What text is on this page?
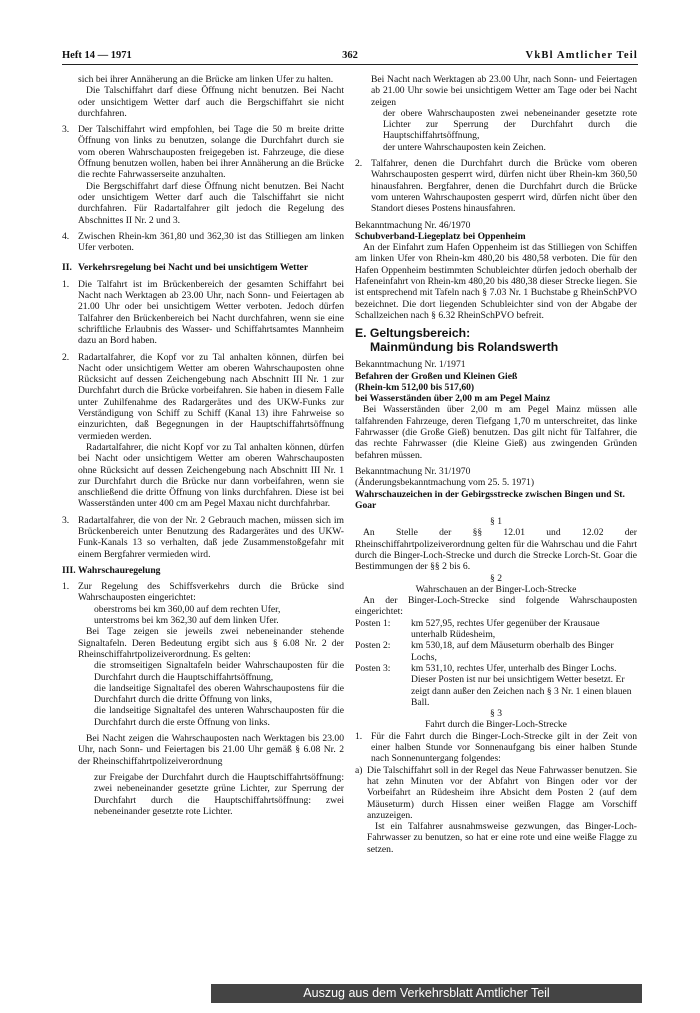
Heft 14 — 1971	362	VkBl Amtlicher Teil

sich bei ihrer Annäherung an die Brücke am linken Ufer zu halten.

Die Talschiffahrt darf diese Öffnung nicht benutzen. Bei Nacht oder unsichtigem Wetter darf auch die Bergschiffahrt sie nicht durchfahren.

3. Der Talschiffahrt wird empfohlen, bei Tage die 50 m breite dritte Öffnung von links zu benutzen, solange die Durchfahrt durch sie vom oberen Wahrschauposten freigegeben ist. Fahrzeuge, die diese Öffnung benutzen wollen, haben bei ihrer Annäherung an die Brücke die rechte Fahrwasserseite anzuhalten.

Die Bergschiffahrt darf diese Öffnung nicht benutzen. Bei Nacht oder unsichtigem Wetter darf auch die Talschiffahrt sie nicht durchfahren. Für Radartalfahrer gilt jedoch die Regelung des Abschnittes II Nr. 2 und 3.

4. Zwischen Rhein-km 361,80 und 362,30 ist das Stilliegen am linken Ufer verboten.

II. Verkehrsregelung bei Nacht und bei unsichtigem Wetter

1. Die Talfahrt ist im Brückenbereich der gesamten Schiffahrt bei Nacht nach Werktagen ab 23.00 Uhr, nach Sonn- und Feiertagen ab 21.00 Uhr oder bei unsichtigem Wetter verboten. Jedoch dürfen Talfahrer den Brückenbereich bei Nacht durchfahren, wenn sie eine schriftliche Erlaubnis des Wasser- und Schiffahrtsamtes Mannheim dazu an Bord haben.

2. Radartalfahrer, die Kopf vor zu Tal anhalten können, dürfen bei Nacht oder unsichtigem Wetter am oberen Wahrschauposten ohne Rücksicht auf dessen Zeichengebung nach Abschnitt III Nr. 1 zur Durchfahrt durch die Brücke vorbeifahren. Sie haben in diesem Falle unter Zuhilfenahme des Radargerätes und des UKW-Funks zur Verständigung von Schiff zu Schiff (Kanal 13) ihre Fahrweise so einzurichten, daß Begegnungen in der Hauptschiffahrtsöffnung vermieden werden.

Radartalfahrer, die nicht Kopf vor zu Tal anhalten können, dürfen bei Nacht oder unsichtigem Wetter am oberen Wahrschauposten ohne Rücksicht auf dessen Zeichengebung nach Abschnitt III Nr. 1 zur Durchfahrt durch die Brücke nur dann vorbeifahren, wenn sie anschließend die dritte Öffnung von links durchfahren. Diese ist bei Wasserständen unter 400 cm am Pegel Maxau nicht durchfahrbar.

3. Radartalfahrer, die von der Nr. 2 Gebrauch machen, müssen sich im Brückenbereich unter Benutzung des Radargerätes und des UKW-Funk-Kanals 13 so verhalten, daß jede Zusammenstoßgefahr mit einem Bergfahrer vermieden wird.

III. Wahrschauregelung

1. Zur Regelung des Schiffsverkehrs durch die Brücke sind Wahrschauposten eingerichtet:

oberstroms bei km 360,00 auf dem rechten Ufer,

unterstroms bei km 362,30 auf dem linken Ufer.

Bei Tage zeigen sie jeweils zwei nebeneinander stehende Signaltafeln. Deren Bedeutung ergibt sich aus § 6.08 Nr. 2 der Rheinschiffahrtpolizeiverordnung. Es gelten:

die stromseitigen Signaltafeln beider Wahrschauposten für die Durchfahrt durch die Hauptschiffahrtsöffnung,

die landseitige Signaltafel des oberen Wahrschaupostens für die Durchfahrt durch die dritte Öffnung von links,

die landseitige Signaltafel des unteren Wahrschauposten für die Durchfahrt durch die erste Öffnung von links.

Bei Nacht zeigen die Wahrschauposten nach Werktagen bis 23.00 Uhr, nach Sonn- und Feiertagen bis 21.00 Uhr gemäß § 6.08 Nr. 2 der Rheinschiffahrtpolizeiverordnung

zur Freigabe der Durchfahrt durch die Hauptschiffahrtsöffnung: zwei nebeneinander gesetzte grüne Lichter, zur Sperrung der Durchfahrt durch die Hauptschiffahrtsöffnung: zwei nebeneinander gesetzte rote Lichter.

Bei Nacht nach Werktagen ab 23.00 Uhr, nach Sonn- und Feiertagen ab 21.00 Uhr sowie bei unsichtigem Wetter am Tage oder bei Nacht zeigen

der obere Wahrschauposten zwei nebeneinander gesetzte rote Lichter zur Sperrung der Durchfahrt durch die Hauptschiffahrtsöffnung,

der untere Wahrschauposten kein Zeichen.

2. Talfahrer, denen die Durchfahrt durch die Brücke vom oberen Wahrschauposten gesperrt wird, dürfen nicht über Rhein-km 360,50 hinausfahren. Bergfahrer, denen die Durchfahrt durch die Brücke vom unteren Wahrschauposten gesperrt wird, dürfen nicht über den Standort dieses Postens hinausfahren.

Bekanntmachung Nr. 46/1970

Schubverband-Liegeplatz bei Oppenheim

An der Einfahrt zum Hafen Oppenheim ist das Stilliegen von Schiffen am linken Ufer von Rhein-km 480,20 bis 480,58 verboten. Die für den Hafen Oppenheim bestimmten Schubleichter dürfen jedoch oberhalb der Hafeneinfahrt von Rhein-km 480,20 bis 480,38 dieser Strecke liegen. Sie ist entsprechend mit Tafeln nach § 7.03 Nr. 1 Buchstabe g RheinSchPVO bezeichnet. Die dort liegenden Schubleichter sind von der Abgabe der Schallzeichen nach § 6.32 RheinSchPVO befreit.

E. Geltungsbereich:
Mainmündung bis Rolandswerth

Bekanntmachung Nr. 1/1971

Befahren der Großen und Kleinen Gieß

(Rhein-km 512,00 bis 517,60)

bei Wasserständen über 2,00 m am Pegel Mainz

Bei Wasserständen über 2,00 m am Pegel Mainz müssen alle talfahrenden Fahrzeuge, deren Tiefgang 1,70 m unterschreitet, das linke Fahrwasser (die Große Gieß) benutzen. Das gilt nicht für Talfahrer, die das rechte Fahrwasser (die Kleine Gieß) aus zwingenden Gründen befahren müssen.

Bekanntmachung Nr. 31/1970

(Änderungsbekanntmachung vom 25. 5. 1971)

Wahrschauzeichen in der Gebirgsstrecke zwischen Bingen und St. Goar

§ 1

An Stelle der §§ 12.01 und 12.02 der Rheinschiffahrtpolizeiverordnung gelten für die Wahrschau und die Fahrt durch die Binger-Loch-Strecke und durch die Strecke Lorch-St. Goar die Bestimmungen der §§ 2 bis 6.

§ 2

Wahrschauen an der Binger-Loch-Strecke

An der Binger-Loch-Strecke sind folgende Wahrschauposten eingerichtet:

Posten 1:	km 527,95, rechtes Ufer gegenüber der Krausaue unterhalb Rüdesheim,
Posten 2:	km 530,18, auf dem Mäuseturm oberhalb des Binger Lochs,
Posten 3:	km 531,10, rechtes Ufer, unterhalb des Binger Lochs. Dieser Posten ist nur bei unsichtigem Wetter besetzt. Er zeigt dann außer den Zeichen nach § 3 Nr. 1 einen blauen Ball.

§ 3

Fahrt durch die Binger-Loch-Strecke

1. Für die Fahrt durch die Binger-Loch-Strecke gilt in der Zeit von einer halben Stunde vor Sonnenaufgang bis einer halben Stunde nach Sonnenuntergang folgendes:

a) Die Talschiffahrt soll in der Regel das Neue Fahrwasser benutzen. Sie hat zehn Minuten vor der Abfahrt von Bingen oder vor der Vorbeifahrt an Rüdesheim ihre Absicht dem Posten 2 (auf dem Mäuseturm) durch Hissen einer weißen Flagge am Vorschiff anzuzeigen.

Ist ein Talfahrer ausnahmsweise gezwungen, das Binger-Loch-Fahrwasser zu benutzen, so hat er eine rote und eine weiße Flagge zu setzen.

Auszug aus dem Verkehrsblatt Amtlicher Teil
